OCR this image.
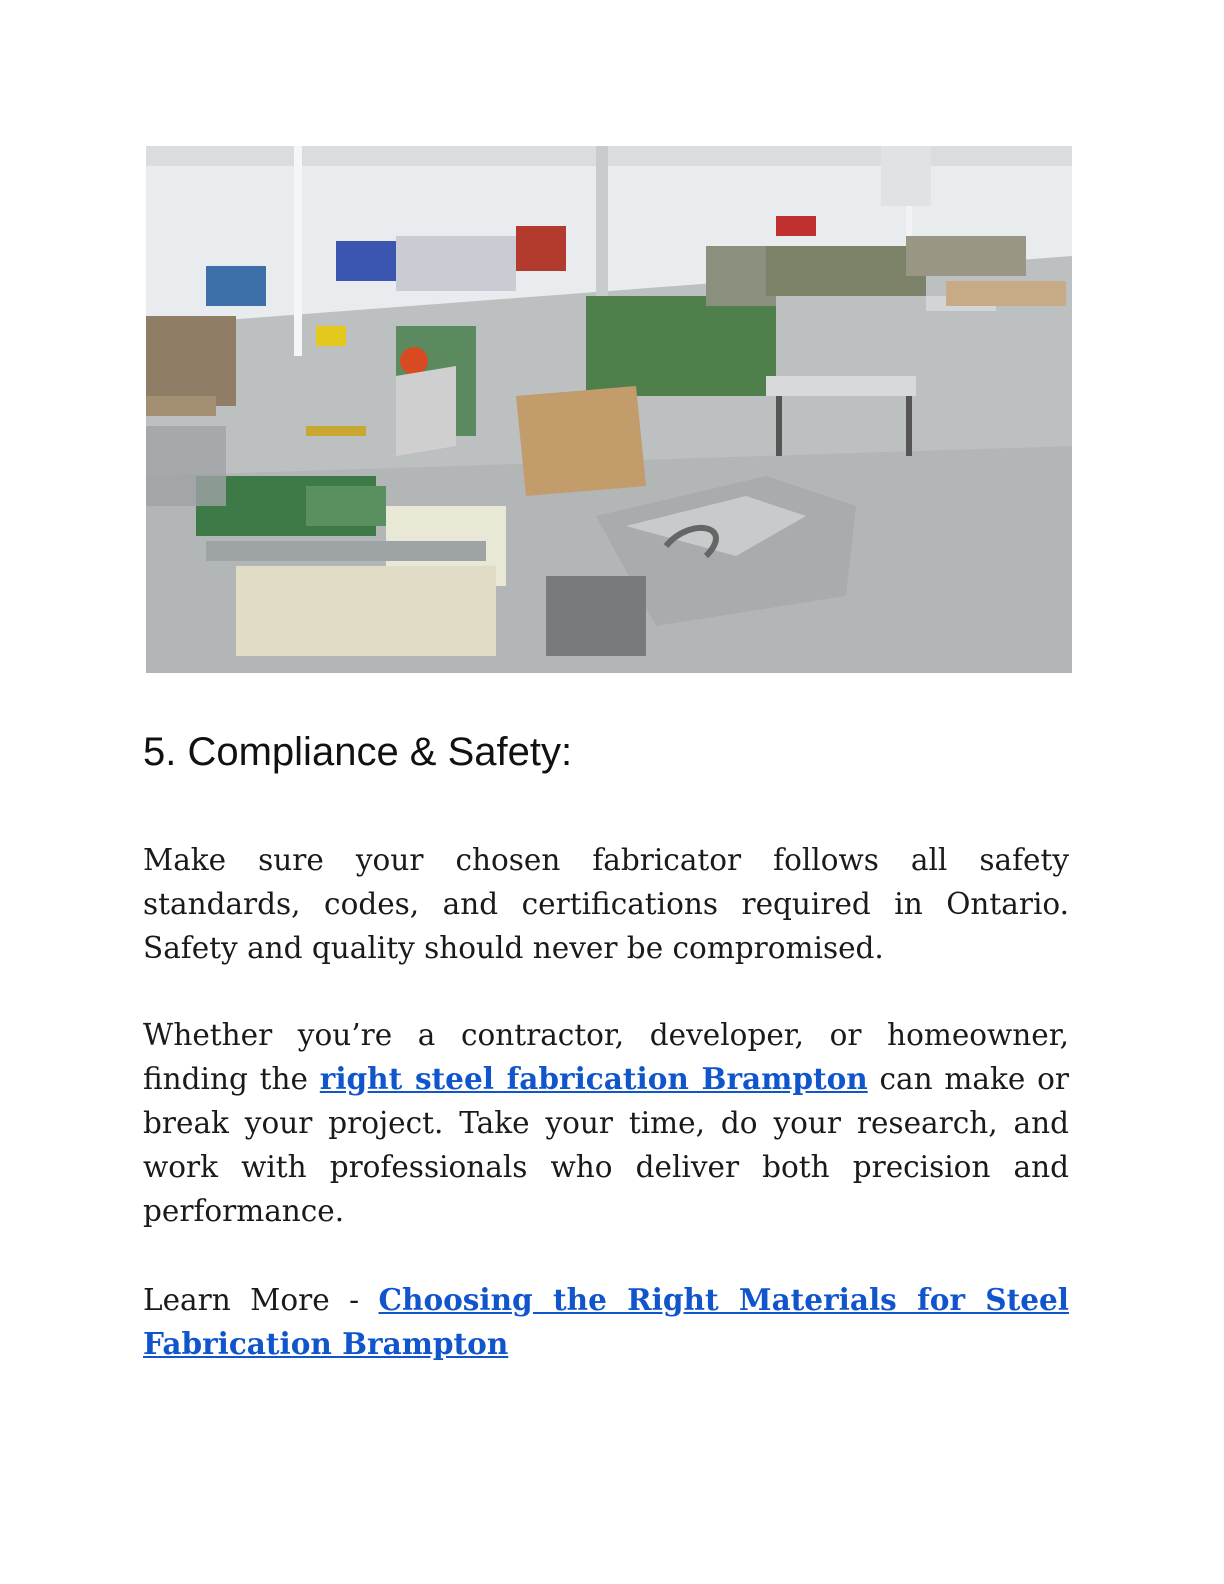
5. Compliance & Safety:

Make sure your chosen fabricator follows all safety standards, codes, and certifications required in Ontario. Safety and quality should never be compromised.

Whether you’re a contractor, developer, or homeowner, finding the right steel fabrication Brampton can make or break your project. Take your time, do your research, and work with professionals who deliver both precision and performance.

Learn More - Choosing the Right Materials for Steel Fabrication Brampton
